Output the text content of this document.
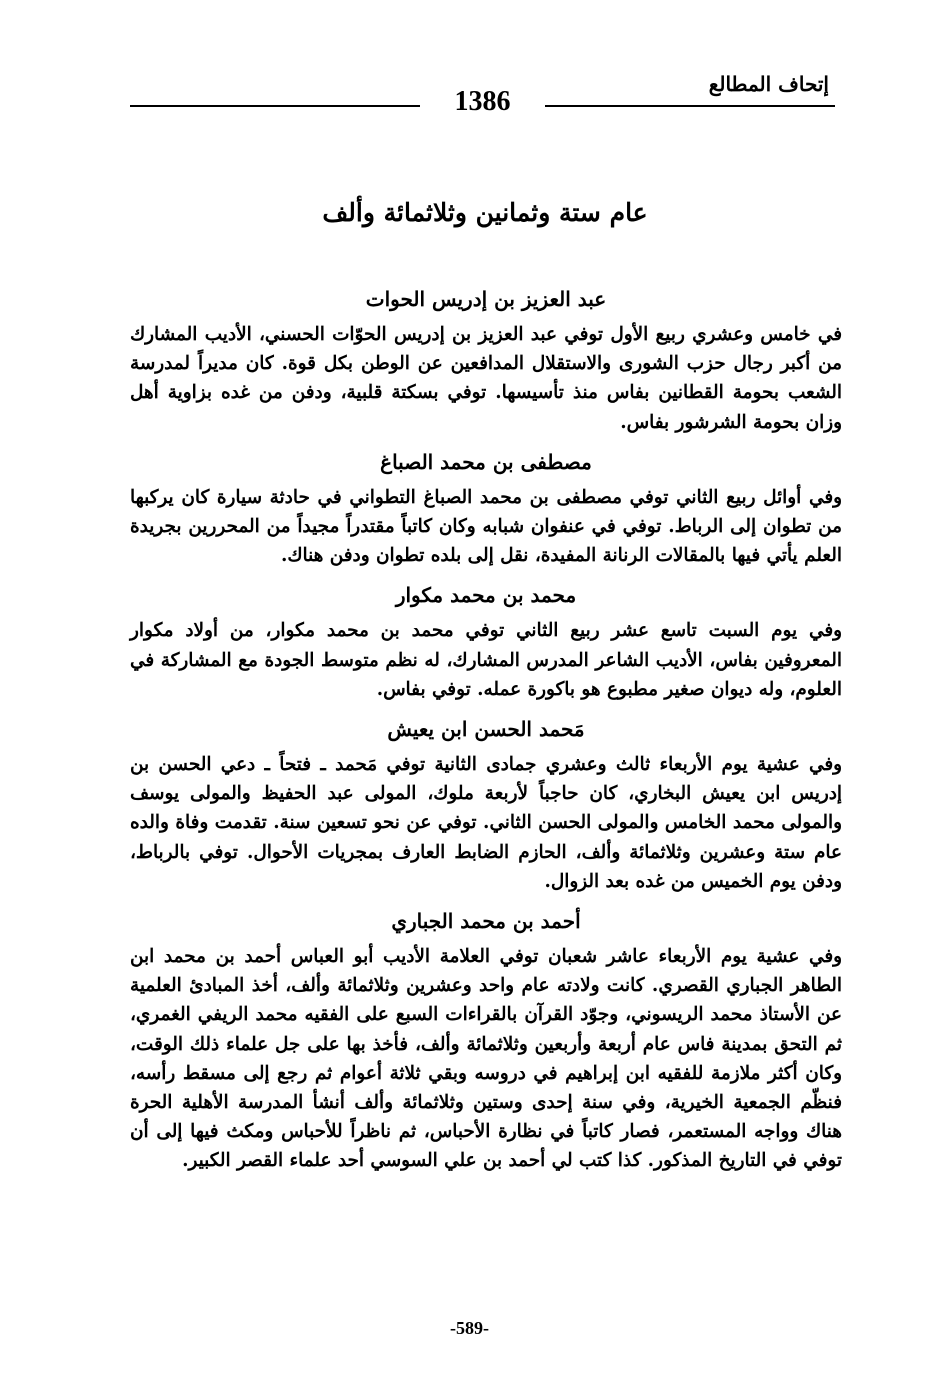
إتحاف المطالع
1386
عام ستة وثمانين وثلاثمائة وألف
عبد العزيز بن إدريس الحوات

في خامس وعشري ربيع الأول توفي عبد العزيز بن إدريس الحوّات الحسني، الأديب المشارك من أكبر رجال حزب الشورى والاستقلال المدافعين عن الوطن بكل قوة. كان مديراً لمدرسة الشعب بحومة القطانين بفاس منذ تأسيسها. توفي بسكتة قلبية، ودفن من غده بزاوية أهل وزان بحومة الشرشور بفاس.

مصطفى بن محمد الصباغ

وفي أوائل ربيع الثاني توفي مصطفى بن محمد الصباغ التطواني في حادثة سيارة كان يركبها من تطوان إلى الرباط. توفي في عنفوان شبابه وكان كاتباً مقتدراً مجيداً من المحررين بجريدة العلم يأتي فيها بالمقالات الرنانة المفيدة، نقل إلى بلده تطوان ودفن هناك.

محمد بن محمد مكوار

وفي يوم السبت تاسع عشر ربيع الثاني توفي محمد بن محمد مكوار، من أولاد مكوار المعروفين بفاس، الأديب الشاعر المدرس المشارك، له نظم متوسط الجودة مع المشاركة في العلوم، وله ديوان صغير مطبوع هو باكورة عمله. توفي بفاس.

مَحمد الحسن ابن يعيش

وفي عشية يوم الأربعاء ثالث وعشري جمادى الثانية توفي مَحمد ـ فتحاً ـ دعي الحسن بن إدريس ابن يعيش البخاري، كان حاجباً لأربعة ملوك، المولى عبد الحفيظ والمولى يوسف والمولى محمد الخامس والمولى الحسن الثاني. توفي عن نحو تسعين سنة. تقدمت وفاة والده عام ستة وعشرين وثلاثمائة وألف، الحازم الضابط العارف بمجريات الأحوال. توفي بالرباط، ودفن يوم الخميس من غده بعد الزوال.

أحمد بن محمد الجباري

وفي عشية يوم الأربعاء عاشر شعبان توفي العلامة الأديب أبو العباس أحمد بن محمد ابن الطاهر الجباري القصري. كانت ولادته عام واحد وعشرين وثلاثمائة وألف، أخذ المبادئ العلمية عن الأستاذ محمد الريسوني، وجوّد القرآن بالقراءات السبع على الفقيه محمد الريفي الغمري، ثم التحق بمدينة فاس عام أربعة وأربعين وثلاثمائة وألف، فأخذ بها على جل علماء ذلك الوقت، وكان أكثر ملازمة للفقيه ابن إبراهيم في دروسه وبقي ثلاثة أعوام ثم رجع إلى مسقط رأسه، فنظّم الجمعية الخيرية، وفي سنة إحدى وستين وثلاثمائة وألف أنشأ المدرسة الأهلية الحرة هناك وواجه المستعمر، فصار كاتباً في نظارة الأحباس، ثم ناظراً للأحباس ومكث فيها إلى أن توفي في التاريخ المذكور. كذا كتب لي أحمد بن علي السوسي أحد علماء القصر الكبير.

-589-
